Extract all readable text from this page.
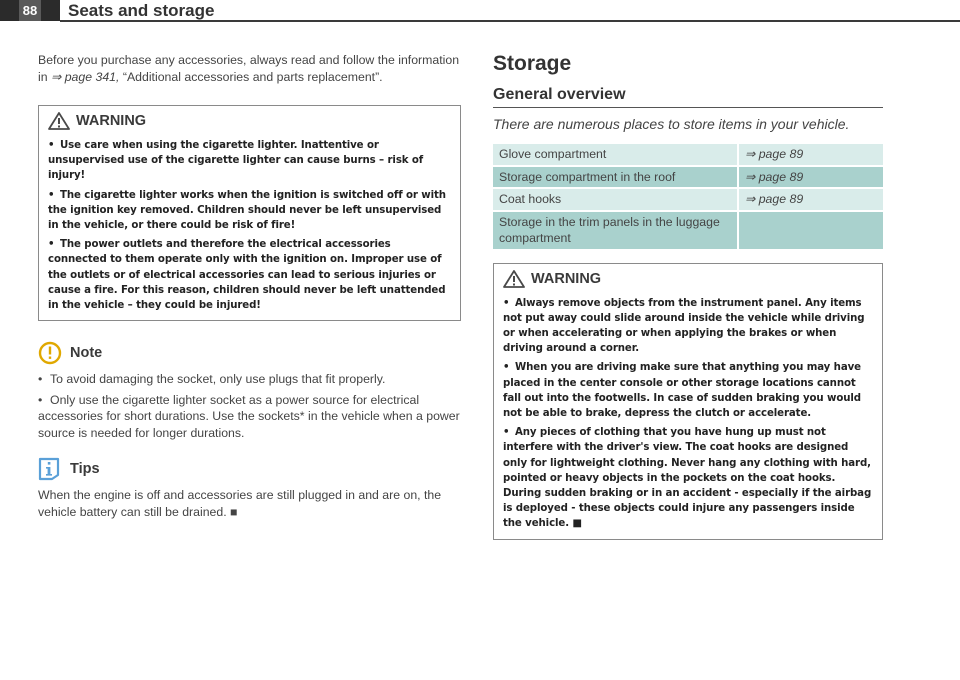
88	Seats and storage

Before you purchase any accessories, always read and follow the information in ⇒ page 341, “Additional accessories and parts replacement”.

WARNING

• Use care when using the cigarette lighter. Inattentive or unsupervised use of the cigarette lighter can cause burns – risk of injury!

• The cigarette lighter works when the ignition is switched off or with the ignition key removed. Children should never be left unsupervised in the vehicle, or there could be risk of fire!

• The power outlets and therefore the electrical accessories connected to them operate only with the ignition on. Improper use of the outlets or of electrical accessories can lead to serious injuries or cause a fire. For this reason, children should never be left unattended in the vehicle – they could be injured!

Note

• To avoid damaging the socket, only use plugs that fit properly.

• Only use the cigarette lighter socket as a power source for electrical accessories for short durations. Use the sockets* in the vehicle when a power source is needed for longer durations.

Tips

When the engine is off and accessories are still plugged in and are on, the vehicle battery can still be drained. ■

Storage
General overview
There are numerous places to store items in your vehicle.
Glove compartment	⇒ page 89
Storage compartment in the roof	⇒ page 89
Coat hooks	⇒ page 89
Storage in the trim panels in the luggage compartment	
WARNING

• Always remove objects from the instrument panel. Any items not put away could slide around inside the vehicle while driving or when accelerating or when applying the brakes or when driving around a corner.

• When you are driving make sure that anything you may have placed in the center console or other storage locations cannot fall out into the footwells. In case of sudden braking you would not be able to brake, depress the clutch or accelerate.

• Any pieces of clothing that you have hung up must not interfere with the driver's view. The coat hooks are designed only for lightweight clothing. Never hang any clothing with hard, pointed or heavy objects in the pockets on the coat hooks. During sudden braking or in an accident - especially if the airbag is deployed - these objects could injure any passengers inside the vehicle. ■
